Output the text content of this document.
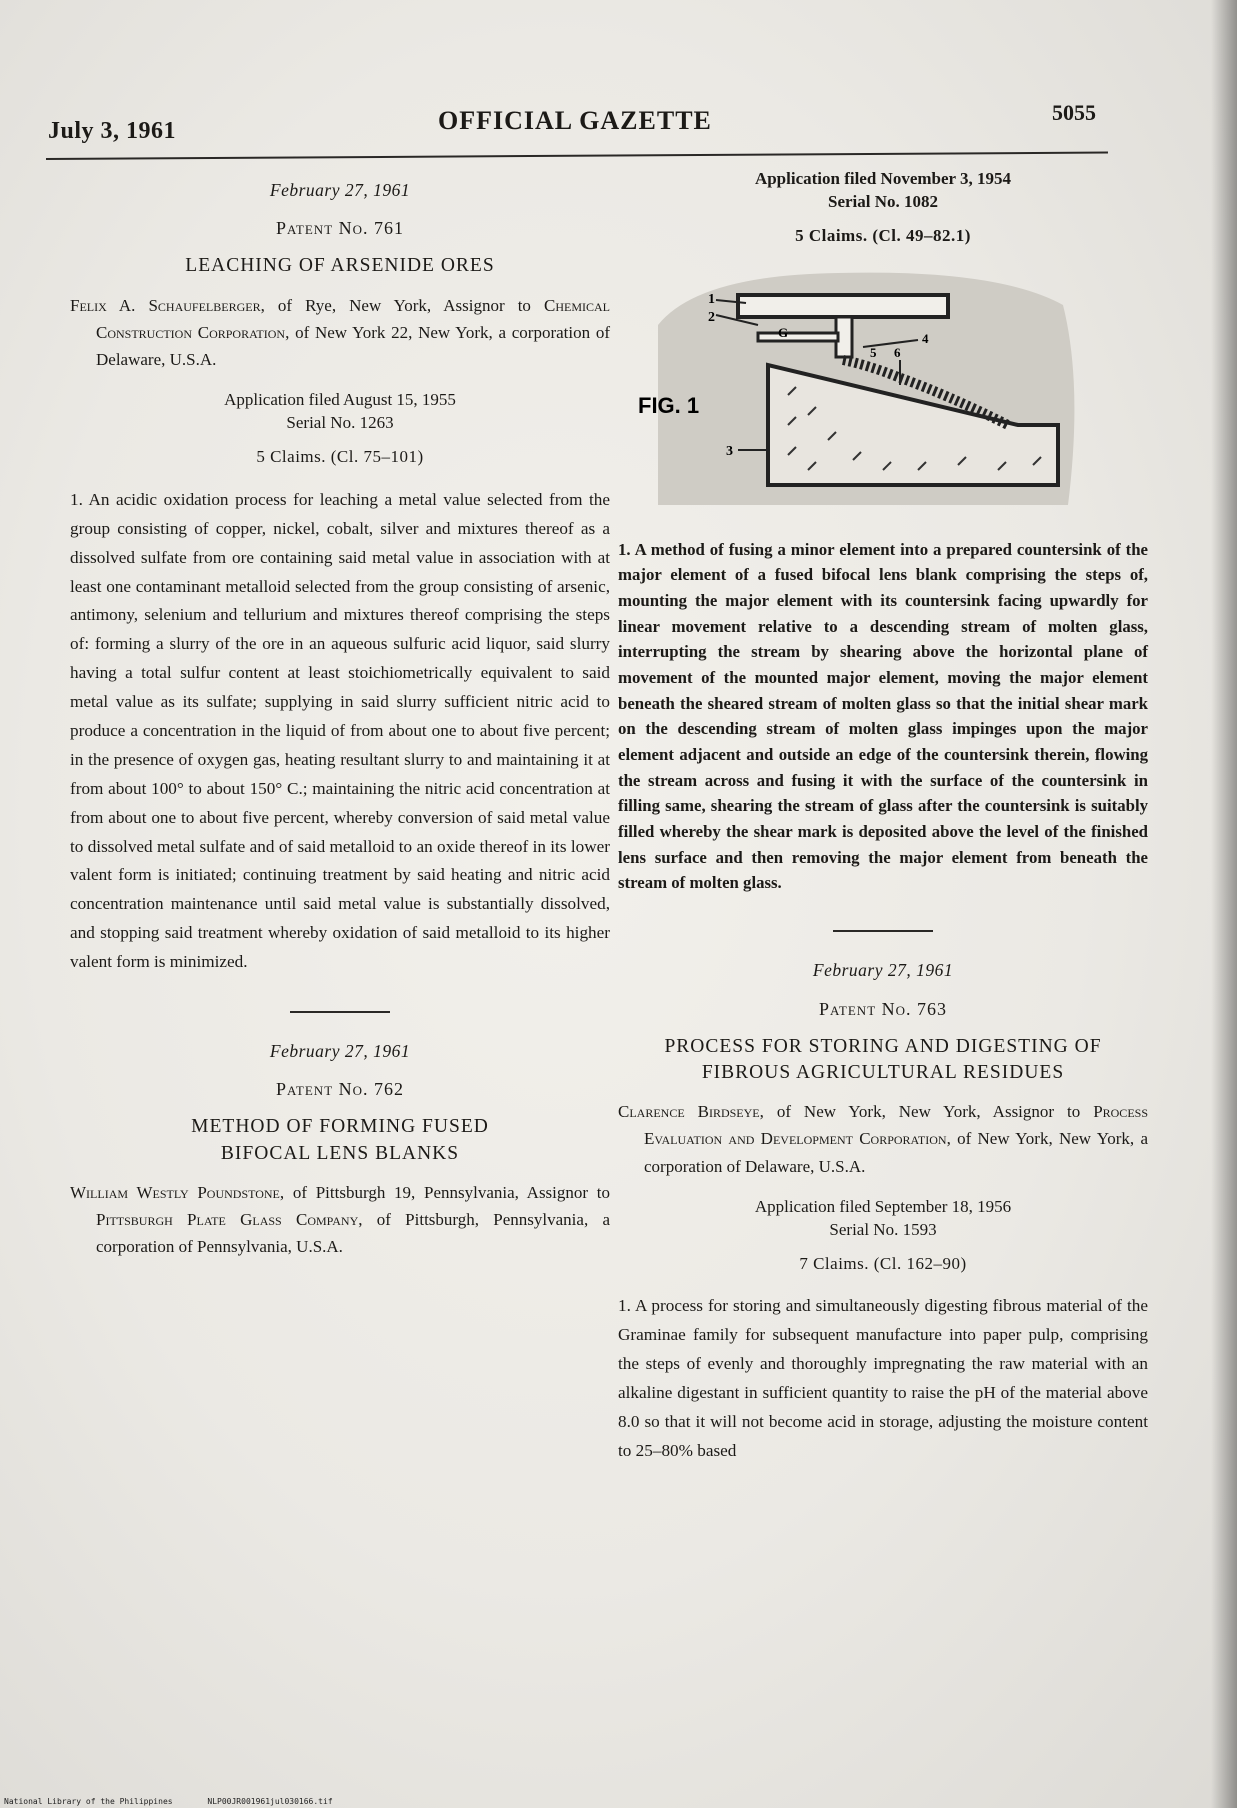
July 3, 1961	OFFICIAL GAZETTE	5055
February 27, 1961
Patent No. 761
LEACHING OF ARSENIDE ORES

Felix A. Schaufelberger, of Rye, New York, Assignor to Chemical Construction Corporation, of New York 22, New York, a corporation of Delaware, U.S.A.

Application filed August 15, 1955
Serial No. 1263
5 Claims. (Cl. 75–101)

1. An acidic oxidation process for leaching a metal value selected from the group consisting of copper, nickel, cobalt, silver and mixtures thereof as a dissolved sulfate from ore containing said metal value in association with at least one contaminant metalloid selected from the group consisting of arsenic, antimony, selenium and tellurium and mixtures thereof comprising the steps of: forming a slurry of the ore in an aqueous sulfuric acid liquor, said slurry having a total sulfur content at least stoichiometrically equivalent to said metal value as its sulfate; supplying in said slurry sufficient nitric acid to produce a concentration in the liquid of from about one to about five percent; in the presence of oxygen gas, heating resultant slurry to and maintaining it at from about 100° to about 150° C.; maintaining the nitric acid concentration at from about one to about five percent, whereby conversion of said metal value to dissolved metal sulfate and of said metalloid to an oxide thereof in its lower valent form is initiated; continuing treatment by said heating and nitric acid concentration maintenance until said metal value is substantially dissolved, and stopping said treatment whereby oxidation of said metalloid to its higher valent form is minimized.

February 27, 1961
Patent No. 762
METHOD OF FORMING FUSED BIFOCAL LENS BLANKS

William Westly Poundstone, of Pittsburgh 19, Pennsylvania, Assignor to Pittsburgh Plate Glass Company, of Pittsburgh, Pennsylvania, a corporation of Pennsylvania, U.S.A.

Application filed November 3, 1954
Serial No. 1082
5 Claims. (Cl. 49–82.1)
1
2
G
3
4
5 6
FIG. 1

1. A method of fusing a minor element into a prepared countersink of the major element of a fused bifocal lens blank comprising the steps of, mounting the major element with its countersink facing upwardly for linear movement relative to a descending stream of molten glass, interrupting the stream by shearing above the horizontal plane of movement of the mounted major element, moving the major element beneath the sheared stream of molten glass so that the initial shear mark on the descending stream of molten glass impinges upon the major element adjacent and outside an edge of the countersink therein, flowing the stream across and fusing it with the surface of the countersink in filling same, shearing the stream of glass after the countersink is suitably filled whereby the shear mark is deposited above the level of the finished lens surface and then removing the major element from beneath the stream of molten glass.

February 27, 1961
Patent No. 763
PROCESS FOR STORING AND DIGESTING OF FIBROUS AGRICULTURAL RESIDUES

Clarence Birdseye, of New York, New York, Assignor to Process Evaluation and Development Corporation, of New York, New York, a corporation of Delaware, U.S.A.

Application filed September 18, 1956
Serial No. 1593
7 Claims. (Cl. 162–90)

1. A process for storing and simultaneously digesting fibrous material of the Graminae family for subsequent manufacture into paper pulp, comprising the steps of evenly and thoroughly impregnating the raw material with an alkaline digestant in sufficient quantity to raise the pH of the material above 8.0 so that it will not become acid in storage, adjusting the moisture content to 25–80% based

National Library of the Philippines	NLP00JR001961jul030166.tif
